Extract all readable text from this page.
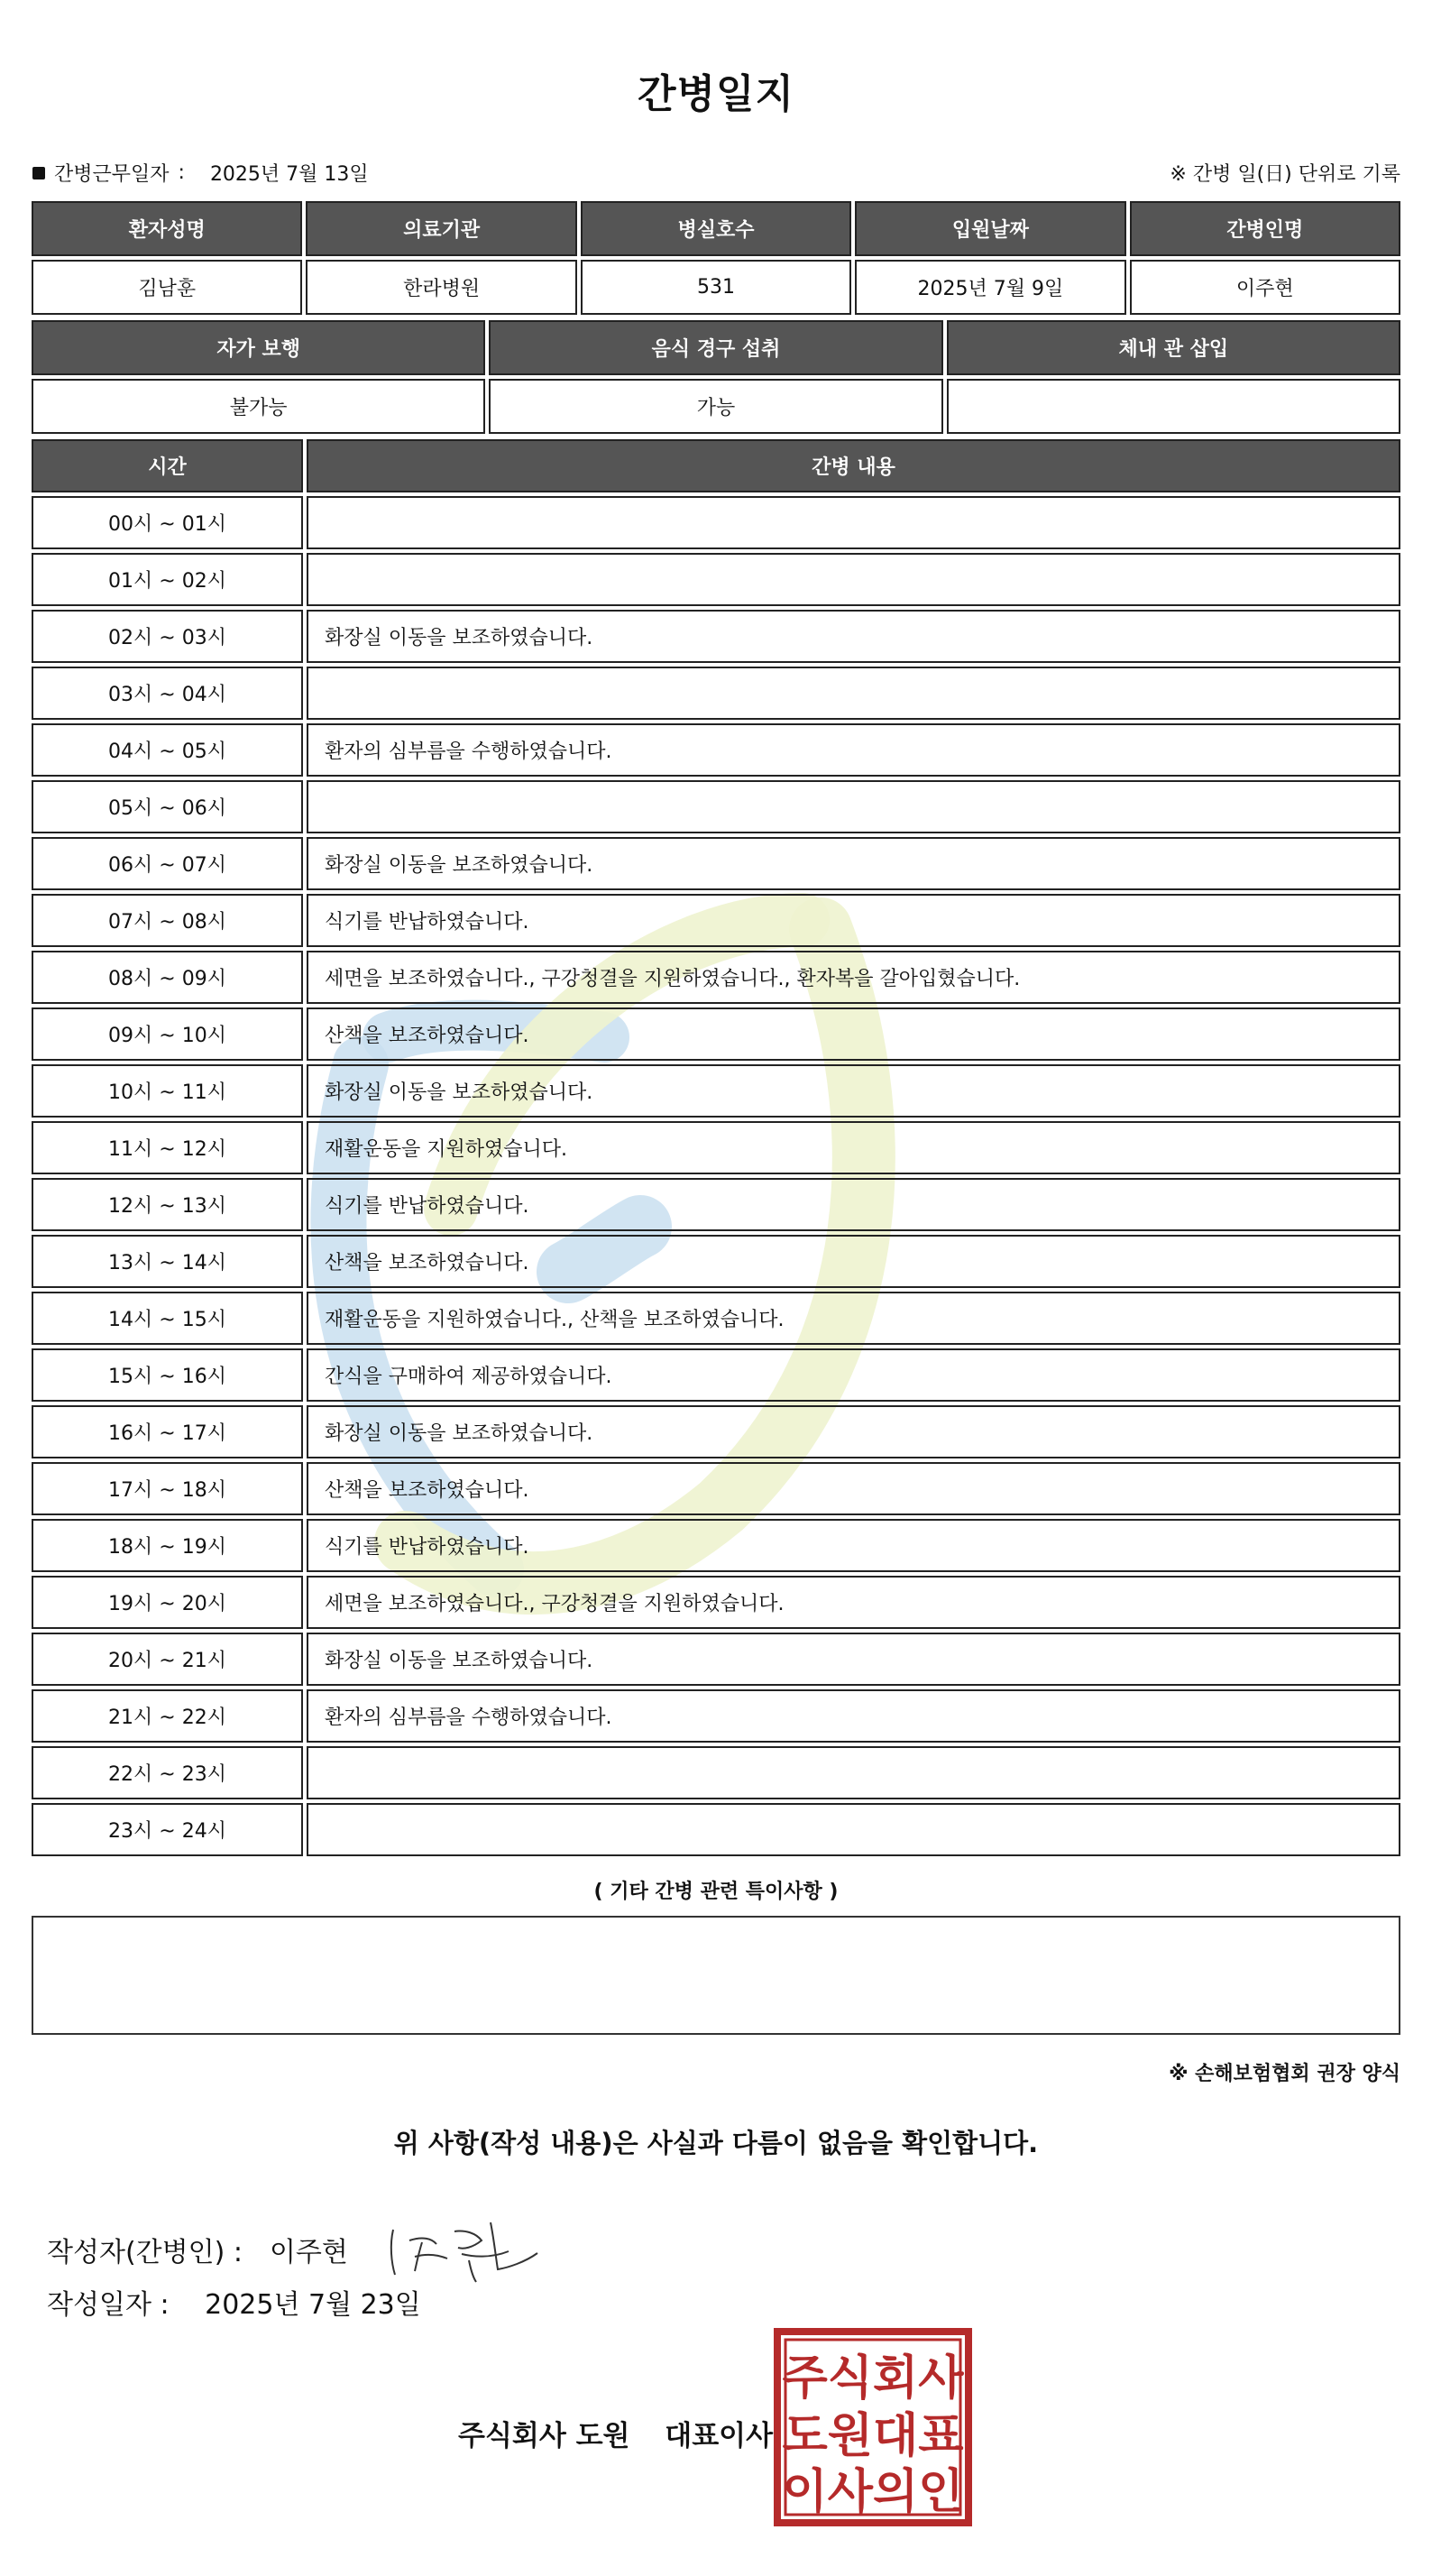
간병일지
간병근무일자 : 2025년 7월 13일	※ 간병 일(日) 단위로 기록
환자성명	의료기관	병실호수	입원날짜	간병인명
김남훈	한라병원	531	2025년 7월 9일	이주현
자가 보행	음식 경구 섭취	체내 관 삽입
불가능	가능
시간	간병 내용
00시 ~ 01시
01시 ~ 02시
02시 ~ 03시	화장실 이동을 보조하였습니다.
03시 ~ 04시
04시 ~ 05시	환자의 심부름을 수행하였습니다.
05시 ~ 06시
06시 ~ 07시	화장실 이동을 보조하였습니다.
07시 ~ 08시	식기를 반납하였습니다.
08시 ~ 09시	세면을 보조하였습니다., 구강청결을 지원하였습니다., 환자복을 갈아입혔습니다.
09시 ~ 10시	산책을 보조하였습니다.
10시 ~ 11시	화장실 이동을 보조하였습니다.
11시 ~ 12시	재활운동을 지원하였습니다.
12시 ~ 13시	식기를 반납하였습니다.
13시 ~ 14시	산책을 보조하였습니다.
14시 ~ 15시	재활운동을 지원하였습니다., 산책을 보조하였습니다.
15시 ~ 16시	간식을 구매하여 제공하였습니다.
16시 ~ 17시	화장실 이동을 보조하였습니다.
17시 ~ 18시	산책을 보조하였습니다.
18시 ~ 19시	식기를 반납하였습니다.
19시 ~ 20시	세면을 보조하였습니다., 구강청결을 지원하였습니다.
20시 ~ 21시	화장실 이동을 보조하였습니다.
21시 ~ 22시	환자의 심부름을 수행하였습니다.
22시 ~ 23시
23시 ~ 24시
( 기타 간병 관련 특이사항 )
※ 손해보험협회 권장 양식
위 사항(작성 내용)은 사실과 다름이 없음을 확인합니다.
작성자(간병인) : 이주현
작성일자 : 2025년 7월 23일
주식회사 도원 대표이사
주식회사
도원대표
이사의인
